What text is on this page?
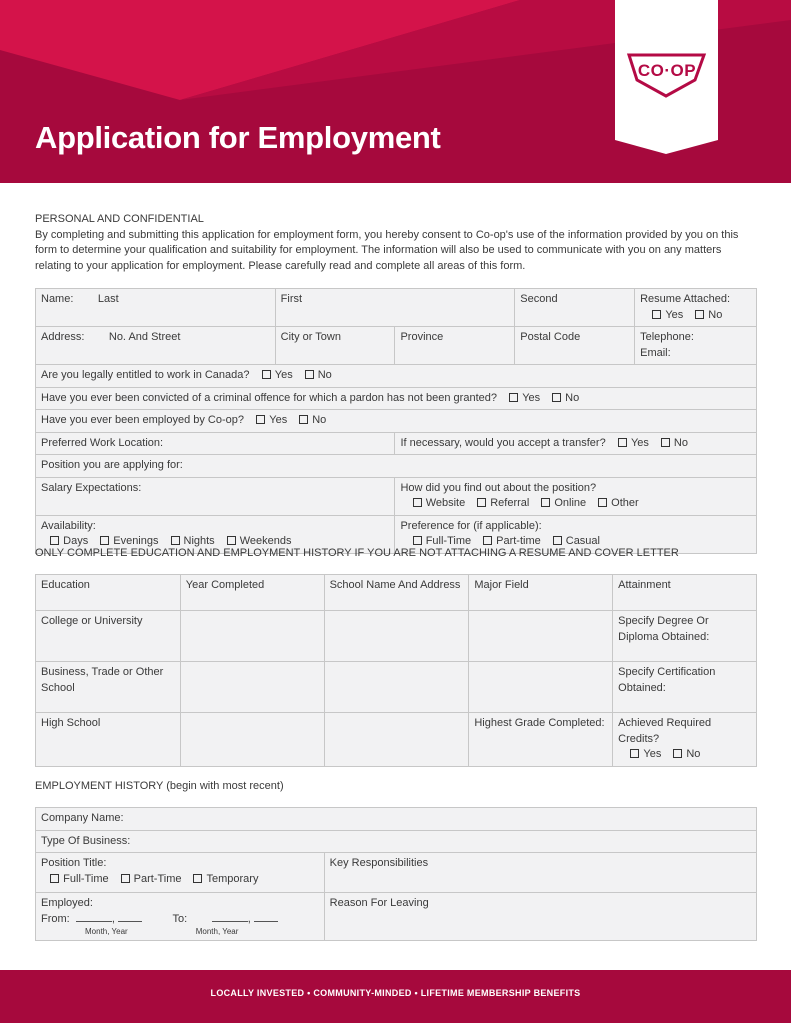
Application for Employment
CO·OP
PERSONAL AND CONFIDENTIAL
By completing and submitting this application for employment form, you hereby consent to Co-op's use of the information provided by you on this form to determine your qualification and suitability for employment. The information will also be used to communicate with you on any matters relating to your application for employment. Please carefully read and complete all areas of this form.
Name: Last	First		Second	Resume Attached:
Yes No
Address: No. And Street	City or Town	Province	Postal Code	Telephone:
Email:
Are you legally entitled to work in Canada? Yes No				
Have you ever been convicted of a criminal offence for which a pardon has not been granted? Yes No				
Have you ever been employed by Co-op? Yes No				
Preferred Work Location:		If necessary, would you accept a transfer? Yes No		
Position you are applying for:				
Salary Expectations:		How did you find out about the position?
Website Referral Online Other		
Availability:
Days Evenings Nights Weekends		Preference for (if applicable):
Full-Time Part-time Casual		
ONLY COMPLETE EDUCATION AND EMPLOYMENT HISTORY IF YOU ARE NOT ATTACHING A RESUME AND COVER LETTER
Education	Year Completed	School Name And Address	Major Field	Attainment
College or University				Specify Degree Or Diploma Obtained:
Business, Trade or Other School				Specify Certification Obtained:
High School			Highest Grade Completed:	Achieved Required Credits?
Yes No
EMPLOYMENT HISTORY (begin with most recent)
Company Name:	
Type Of Business:	
Position Title:
Full-Time Part-Time Temporary	Key Responsibilities
Employed:
From: , To: ,
Month, Year Month, Year	Reason For Leaving
LOCALLY INVESTED • COMMUNITY-MINDED • LIFETIME MEMBERSHIP BENEFITS
